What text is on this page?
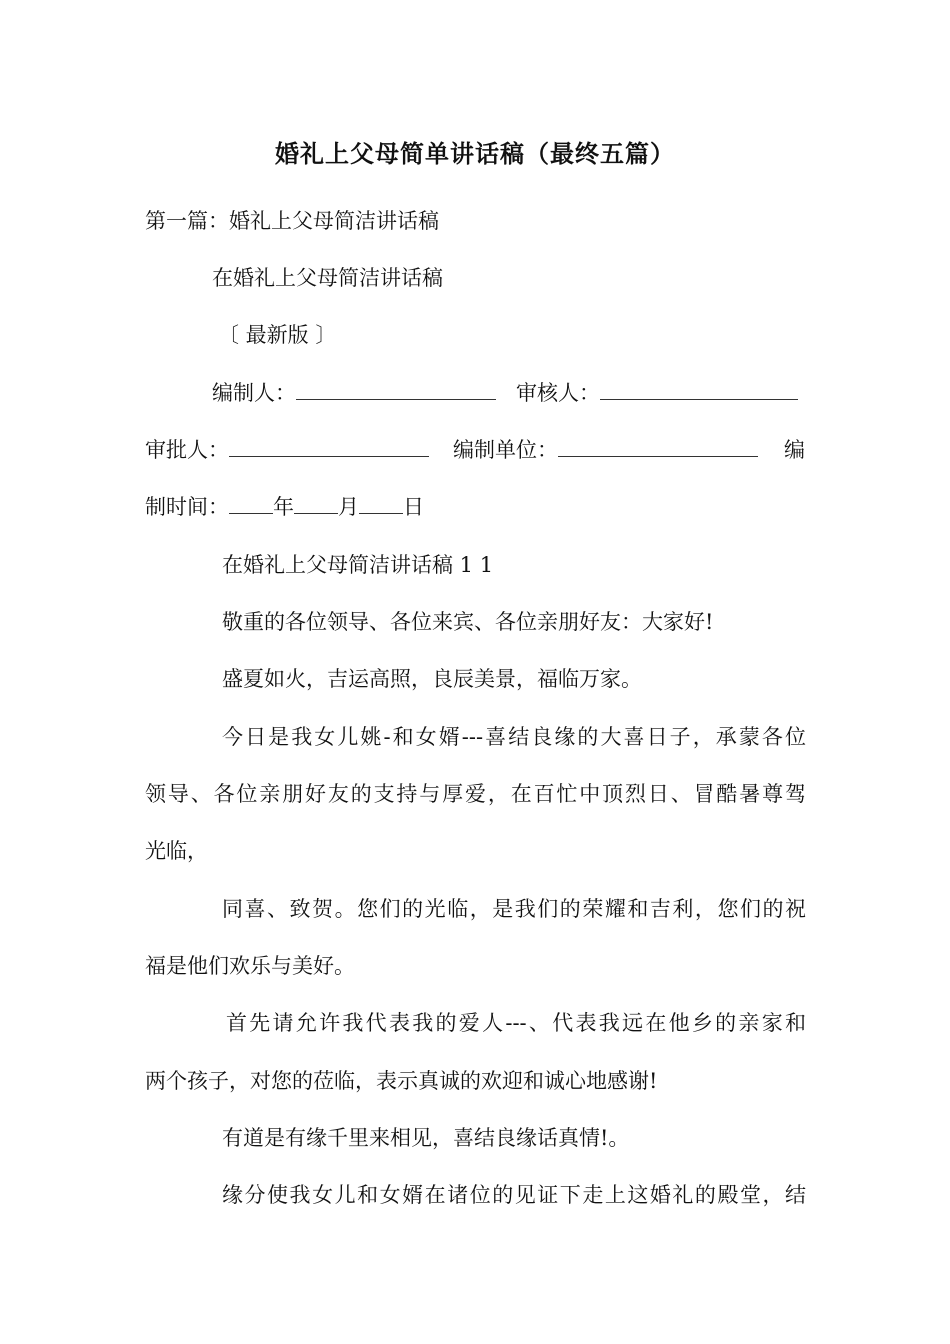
婚礼上父母简单讲话稿（最终五篇）
第一篇：婚礼上父母简洁讲话稿
在婚礼上父母简洁讲话稿
〔 最新版 〕
编制人：	审核人：
审批人：	编制单位：	编
制时间： 年 月 日
在婚礼上父母简洁讲话稿 1 1
敬重的各位领导、各位来宾、各位亲朋好友：大家好!
盛夏如火，吉运高照，良辰美景，福临万家。
今日是我女儿姚-和女婿---喜结良缘的大喜日子，承蒙各位
领导、各位亲朋好友的支持与厚爱，在百忙中顶烈日、冒酷暑尊驾
光临，
同喜、致贺。您们的光临，是我们的荣耀和吉利，您们的祝
福是他们欢乐与美好。
首先请允许我代表我的爱人---、代表我远在他乡的亲家和
两个孩子，对您的莅临，表示真诚的欢迎和诚心地感谢!
有道是有缘千里来相见，喜结良缘话真情!。
缘分使我女儿和女婿在诸位的见证下走上这婚礼的殿堂，结
